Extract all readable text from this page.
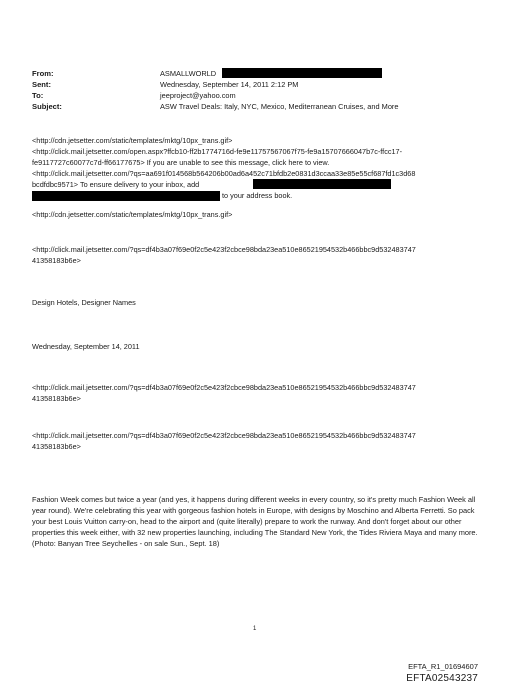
From:	ASMALLWORLD
Sent:	Wednesday, September 14, 2011 2:12 PM
To:	jeeproject@yahoo.com
Subject:	ASW Travel Deals: Italy, NYC, Mexico, Mediterranean Cruises, and More
<http://cdn.jetsetter.com/static/templates/mktg/10px_trans.gif>
<http://click.mail.jetsetter.com/open.aspx?ffcb10-ff2b1774716d-fe9e11757567067f75-fe9a15707666047b7c-ffcc17-
fe9117727c60077c7d-ff66177675> If you are unable to see this message, click here to view.
<http://click.mail.jetsetter.com/?qs=aa691f014568b564206b00ad6a452c71bfdb2e0831d3ccaa33e85e55cf687fd1c3d68
bcdfdbc9571> To ensure delivery to your inbox, add
to your address book.
<http://cdn.jetsetter.com/static/templates/mktg/10px_trans.gif>
<http://click.mail.jetsetter.com/?qs=df4b3a07f69e0f2c5e423f2cbce98bda23ea510e86521954532b466bbc9d532483747
41358183b6e>
Design Hotels, Designer Names
Wednesday, September 14, 2011
<http://click.mail.jetsetter.com/?qs=df4b3a07f69e0f2c5e423f2cbce98bda23ea510e86521954532b466bbc9d532483747
41358183b6e>
<http://click.mail.jetsetter.com/?qs=df4b3a07f69e0f2c5e423f2cbce98bda23ea510e86521954532b466bbc9d532483747
41358183b6e>
Fashion Week comes but twice a year (and yes, it happens during different weeks in every country, so it's pretty much Fashion Week all year round). We're celebrating this year with gorgeous fashion hotels in Europe, with designs by Moschino and Alberta Ferretti. So pack your best Louis Vuitton carry-on, head to the airport and (quite literally) prepare to work the runway. And don't forget about our other properties this week either, with 32 new properties launching, including The Standard New York, the Tides Riviera Maya and many more. (Photo: Banyan Tree Seychelles - on sale Sun., Sept. 18)
1
EFTA_R1_01694607
EFTA02543237
